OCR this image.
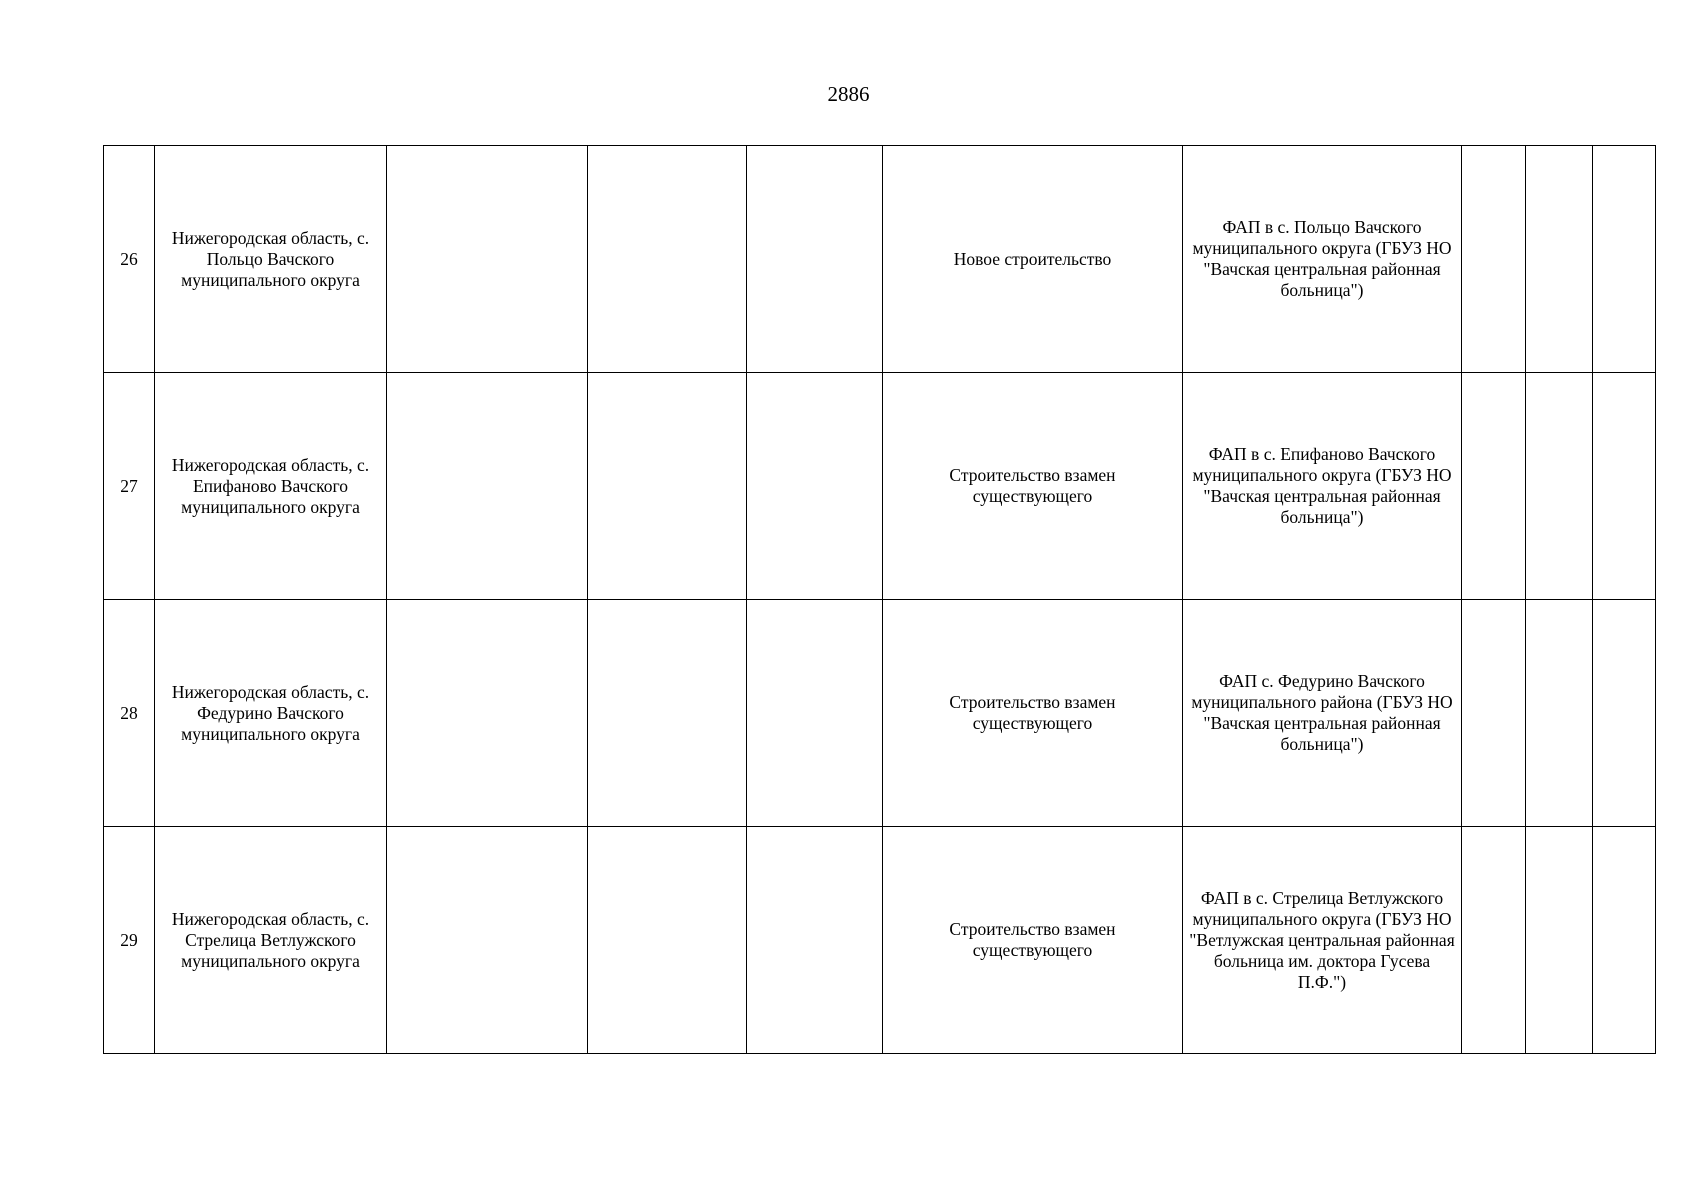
2886
26	Нижегородская область, с. Польцо Вачского муниципального округа				Новое строительство	ФАП в с. Польцо Вачского муниципального округа (ГБУЗ НО "Вачская центральная районная больница")			

27	Нижегородская область, с. Епифаново Вачского муниципального округа				Строительство взамен существующего	ФАП в с. Епифаново Вачского муниципального округа (ГБУЗ НО "Вачская центральная районная больница")			

28	Нижегородская область, с. Федурино Вачского муниципального округа				Строительство взамен существующего	ФАП с. Федурино Вачского муниципального района (ГБУЗ НО "Вачская центральная районная больница")			

29	Нижегородская область, с. Стрелица Ветлужского муниципального округа				Строительство взамен существующего	ФАП в с. Стрелица Ветлужского муниципального округа (ГБУЗ НО "Ветлужская центральная районная больница им. доктора Гусева П.Ф.")			
